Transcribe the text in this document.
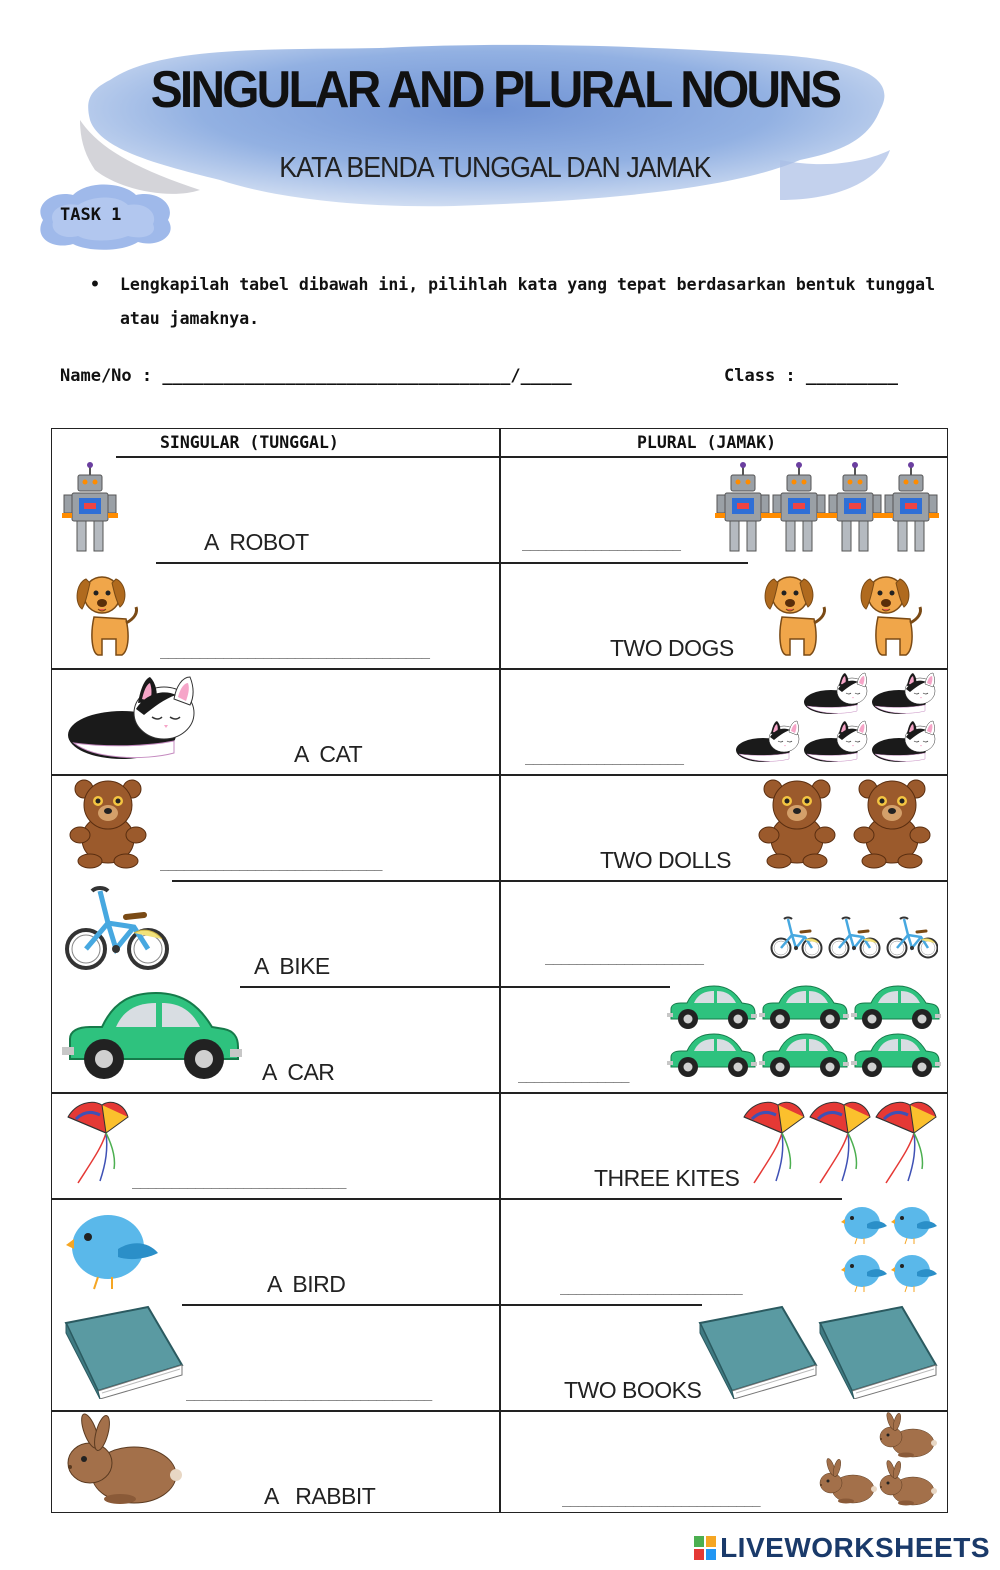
SINGULAR AND PLURAL NOUNS
KATA BENDA TUNGGAL DAN JAMAK
TASK 1
• Lengkapilah tabel dibawah ini, pilihlah kata yang tepat berdasarkan bentuk tunggal atau jamaknya.
Name/No : __________________________________/_____	Class : _________
SINGULAR (TUNGGAL)	PLURAL (JAMAK)
A  ROBOT	____________________
__________________________________	TWO DOGS
A  CAT	____________________
____________________________	TWO DOLLS
A  BIKE	____________________
A  CAR	______________
___________________________	THREE KITES
A  BIRD	_______________________
_______________________________	TWO BOOKS
A   RABBIT	_________________________
LIVEWORKSHEETS
